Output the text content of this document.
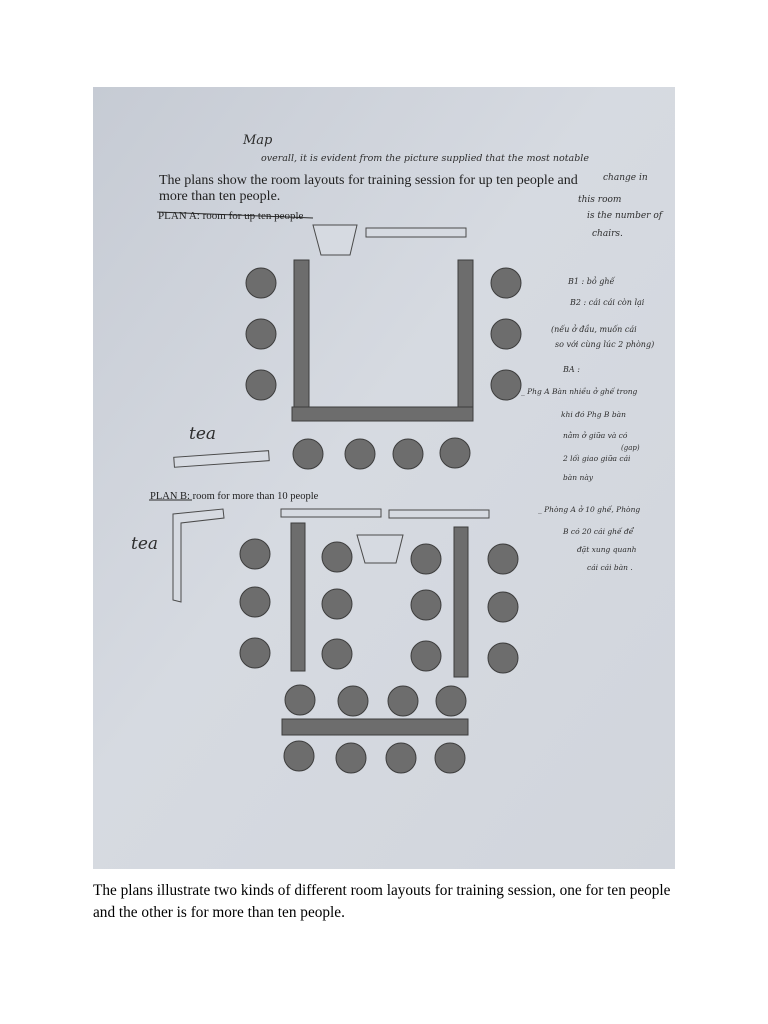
The plans show the room layouts for training session for up ten people and

more than ten people.

PLAN A: room for up ten people

PLAN B: room for more than 10 people

Map

overall, it is evident from the picture supplied that the most notable

change in

this room

is the number of

chairs.

tea

tea

B1 : bỏ ghế

B2 : cái cái còn lại

(nếu ở đầu, muốn cái

so với cùng lúc 2 phòng)

BA :

_ Phg A Bàn nhiều ở ghế trong

khi đó Phg B bàn

nằm ở giữa và có

(gap)

2 lối giao giữa cái

bàn này

_ Phòng A ở 10 ghế, Phòng

B có 20 cái ghế để

đặt xung quanh

cái cái bàn .

The plans illustrate two kinds of different room layouts for training session, one for ten people and the other is for more than ten people.
